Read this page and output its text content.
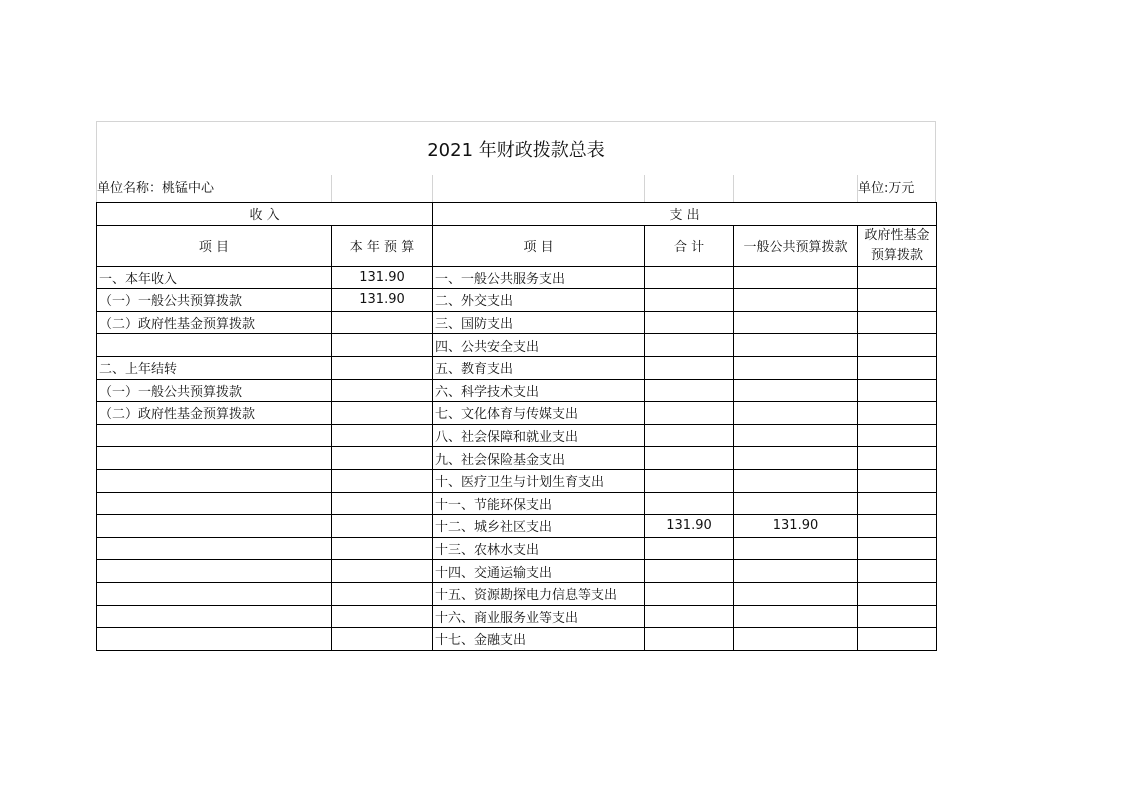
2021 年财政拨款总表
单位名称：桃锰中心	单位:万元
收 入		支 出			
项 目	本 年 预 算	项 目	合 计	一般公共预算拨款	政府性基金
预算拨款

一、本年收入	131.90	一、一般公共服务支出			
（一）一般公共预算拨款	131.90	二、外交支出			
（二）政府性基金预算拨款		三、国防支出			
		四、公共安全支出			
二、上年结转		五、教育支出			
（一）一般公共预算拨款		六、科学技术支出			
（二）政府性基金预算拨款		七、文化体育与传媒支出			
		八、社会保障和就业支出			
		九、社会保险基金支出			
		十、医疗卫生与计划生育支出			
		十一、节能环保支出			
		十二、城乡社区支出	131.90	131.90	
		十三、农林水支出			
		十四、交通运输支出			
		十五、资源勘探电力信息等支出			
		十六、商业服务业等支出			
		十七、金融支出			
